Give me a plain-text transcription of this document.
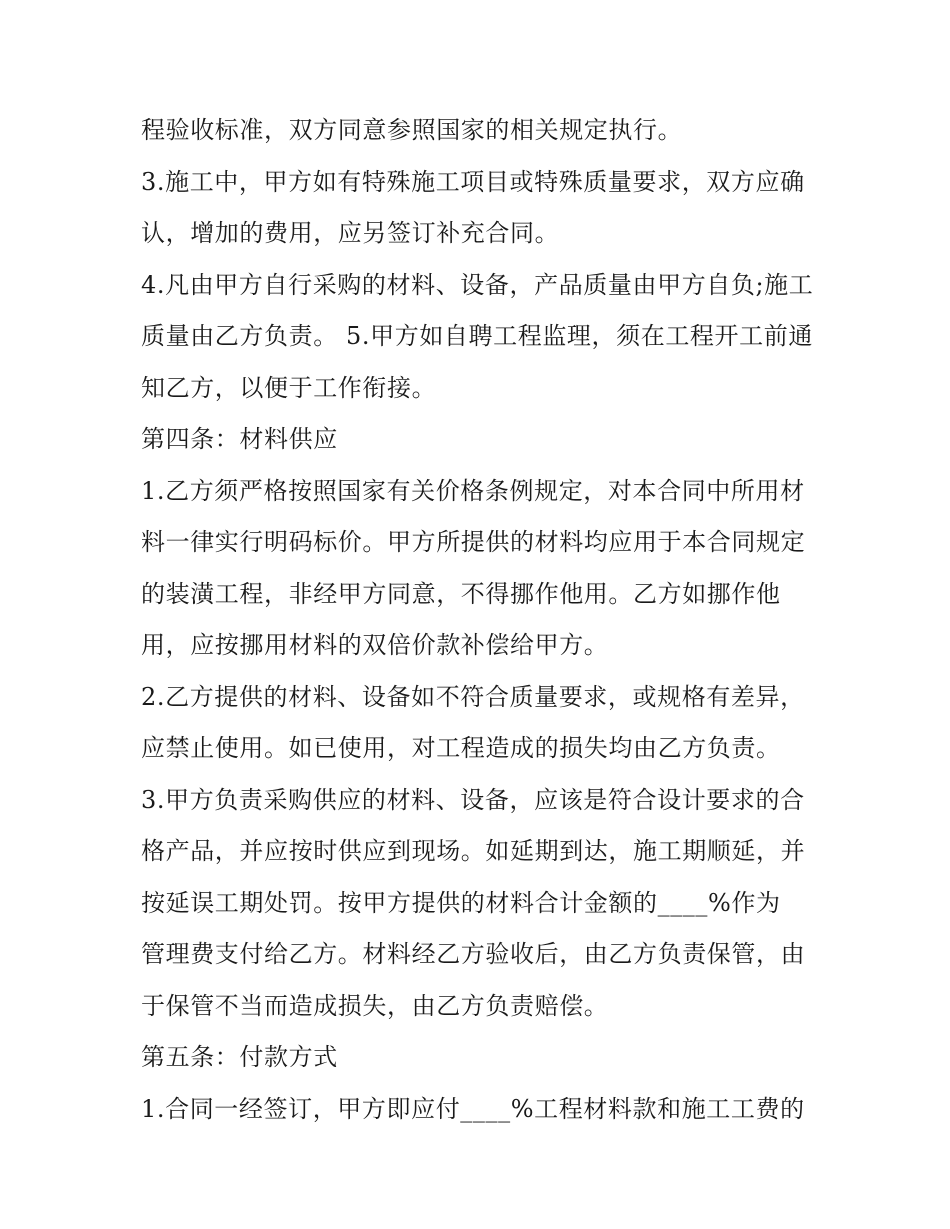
程验收标准，双方同意参照国家的相关规定执行。
3.施工中，甲方如有特殊施工项目或特殊质量要求，双方应确
认，增加的费用，应另签订补充合同。
4.凡由甲方自行采购的材料、设备，产品质量由甲方自负;施工
质量由乙方负责。 5.甲方如自聘工程监理，须在工程开工前通
知乙方，以便于工作衔接。
第四条：材料供应
1.乙方须严格按照国家有关价格条例规定，对本合同中所用材
料一律实行明码标价。甲方所提供的材料均应用于本合同规定
的装潢工程，非经甲方同意，不得挪作他用。乙方如挪作他
用，应按挪用材料的双倍价款补偿给甲方。
2.乙方提供的材料、设备如不符合质量要求，或规格有差异，
应禁止使用。如已使用，对工程造成的损失均由乙方负责。
3.甲方负责采购供应的材料、设备，应该是符合设计要求的合
格产品，并应按时供应到现场。如延期到达，施工期顺延，并
按延误工期处罚。按甲方提供的材料合计金额的____%作为
管理费支付给乙方。材料经乙方验收后，由乙方负责保管，由
于保管不当而造成损失，由乙方负责赔偿。
第五条：付款方式
1.合同一经签订，甲方即应付____%工程材料款和施工工费的
